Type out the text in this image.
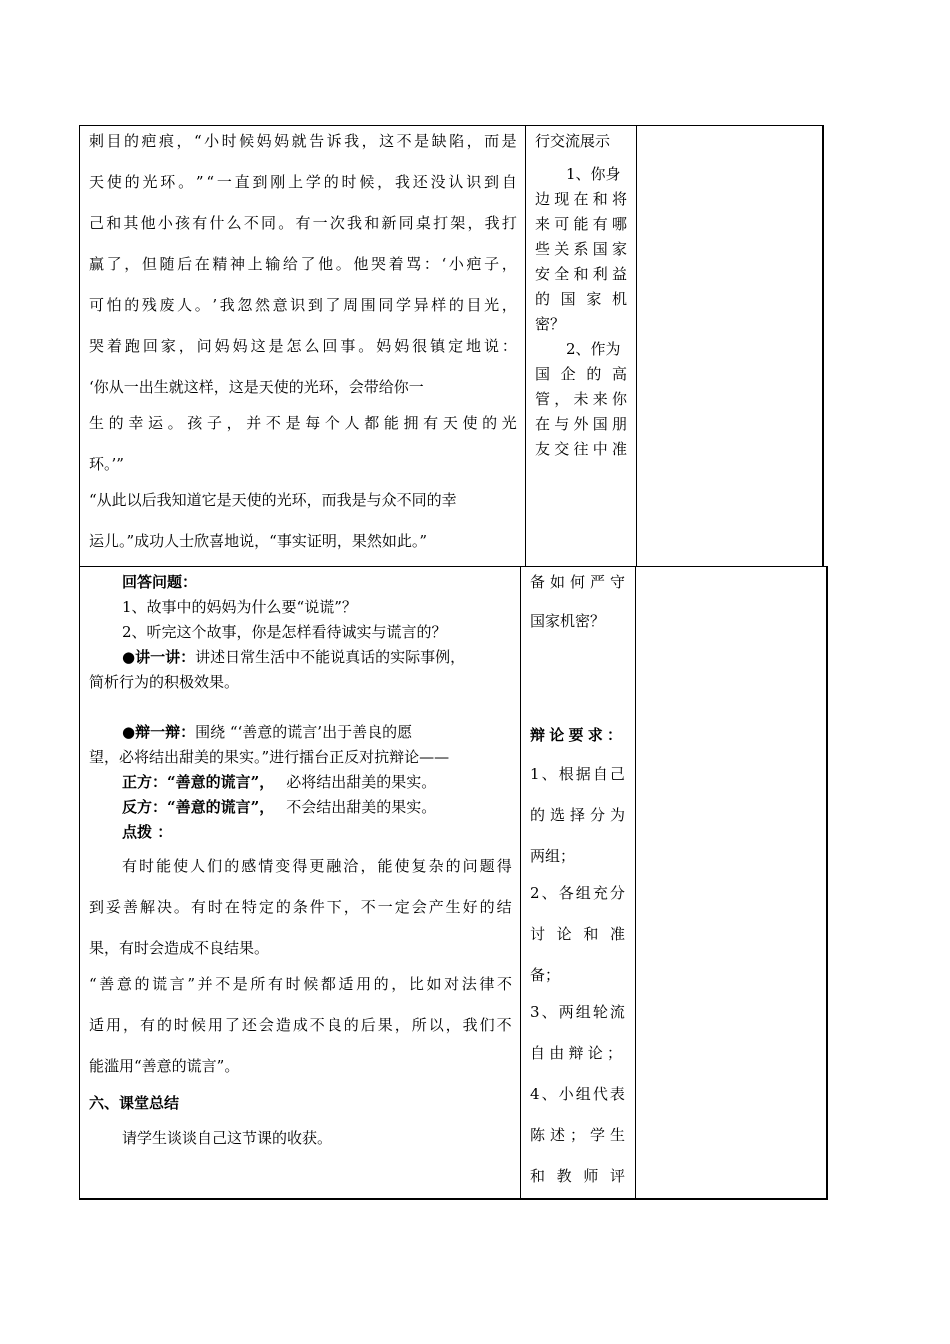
刺 目 的 疤 痕 ， “ 小 时 候 妈 妈 就 告 诉 我 ， 这 不 是 缺 陷 ， 而 是
天 使 的 光 环 。 ” “ 一 直 到 刚 上 学 的 时 候 ， 我 还 没 认 识 到 自
己 和 其 他 小 孩 有 什 么 不 同 。 有 一 次 我 和 新 同 桌 打 架 ， 我 打
赢 了 ， 但 随 后 在 精 神 上 输 给 了 他 。 他 哭 着 骂 ： ‘ 小 疤 子 ，
可 怕 的 残 废 人 。 ’ 我 忽 然 意 识 到 了 周 围 同 学 异 样 的 目 光 ，
哭 着 跑 回 家 ， 问 妈 妈 这 是 怎 么 回 事 。 妈 妈 很 镇 定 地 说 ：
‘你从一出生就这样，这是天使的光环，会带给你一
生 的 幸 运 。 孩 子 ， 并 不 是 每 个 人 都 能 拥 有 天 使 的 光
环。’”
“从此以后我知道它是天使的光环，而我是与众不同的幸
运儿。”成功人士欣喜地说，“事实证明，果然如此。”
行交流展示
1、你身
边 现 在 和 将
来 可 能 有 哪
些 关 系 国 家
安 全 和 利 益
的 国 家 机
密？
2、作为
国 企 的 高
管 ， 未 来 你
在 与 外 国 朋
友 交 往 中 准
回答问题：
1、故事中的妈妈为什么要“说谎”？
2、听完这个故事，你是怎样看待诚实与谎言的？
●讲一讲：讲述日常生活中不能说真话的实际事例，
简析行为的积极效果。
●辩一辩：围绕 “‘善意的谎言’出于善良的愿
望，必将结出甜美的果实。”进行擂台正反对抗辩论——
正方：“善意的谎言”， 必将结出甜美的果实。
反方：“善意的谎言”， 不会结出甜美的果实。
点拨 ：
有 时 能 使 人 们 的 感 情 变 得 更 融 洽 ， 能 使 复 杂 的 问 题 得
到 妥 善 解 决 。 有 时 在 特 定 的 条 件 下 ， 不 一 定 会 产 生 好 的 结
果，有时会造成不良结果。
“ 善 意 的 谎 言 ” 并 不 是 所 有 时 候 都 适 用 的 ， 比 如 对 法 律 不
适 用 ， 有 的 时 候 用 了 还 会 造 成 不 良 的 后 果 ， 所 以 ， 我 们 不
能滥用“善意的谎言”。
六、课堂总结
请学生谈谈自己这节课的收获。
备 如 何 严 守
国家机密？
辩 论 要 求 ：
1 、 根 据 自 己
的 选 择 分 为
两组；
2 、 各 组 充 分
讨 论 和 准
备；
3 、 两 组 轮 流
自 由 辩 论 ；
4 、 小 组 代 表
陈 述 ； 学 生
和 教 师 评
